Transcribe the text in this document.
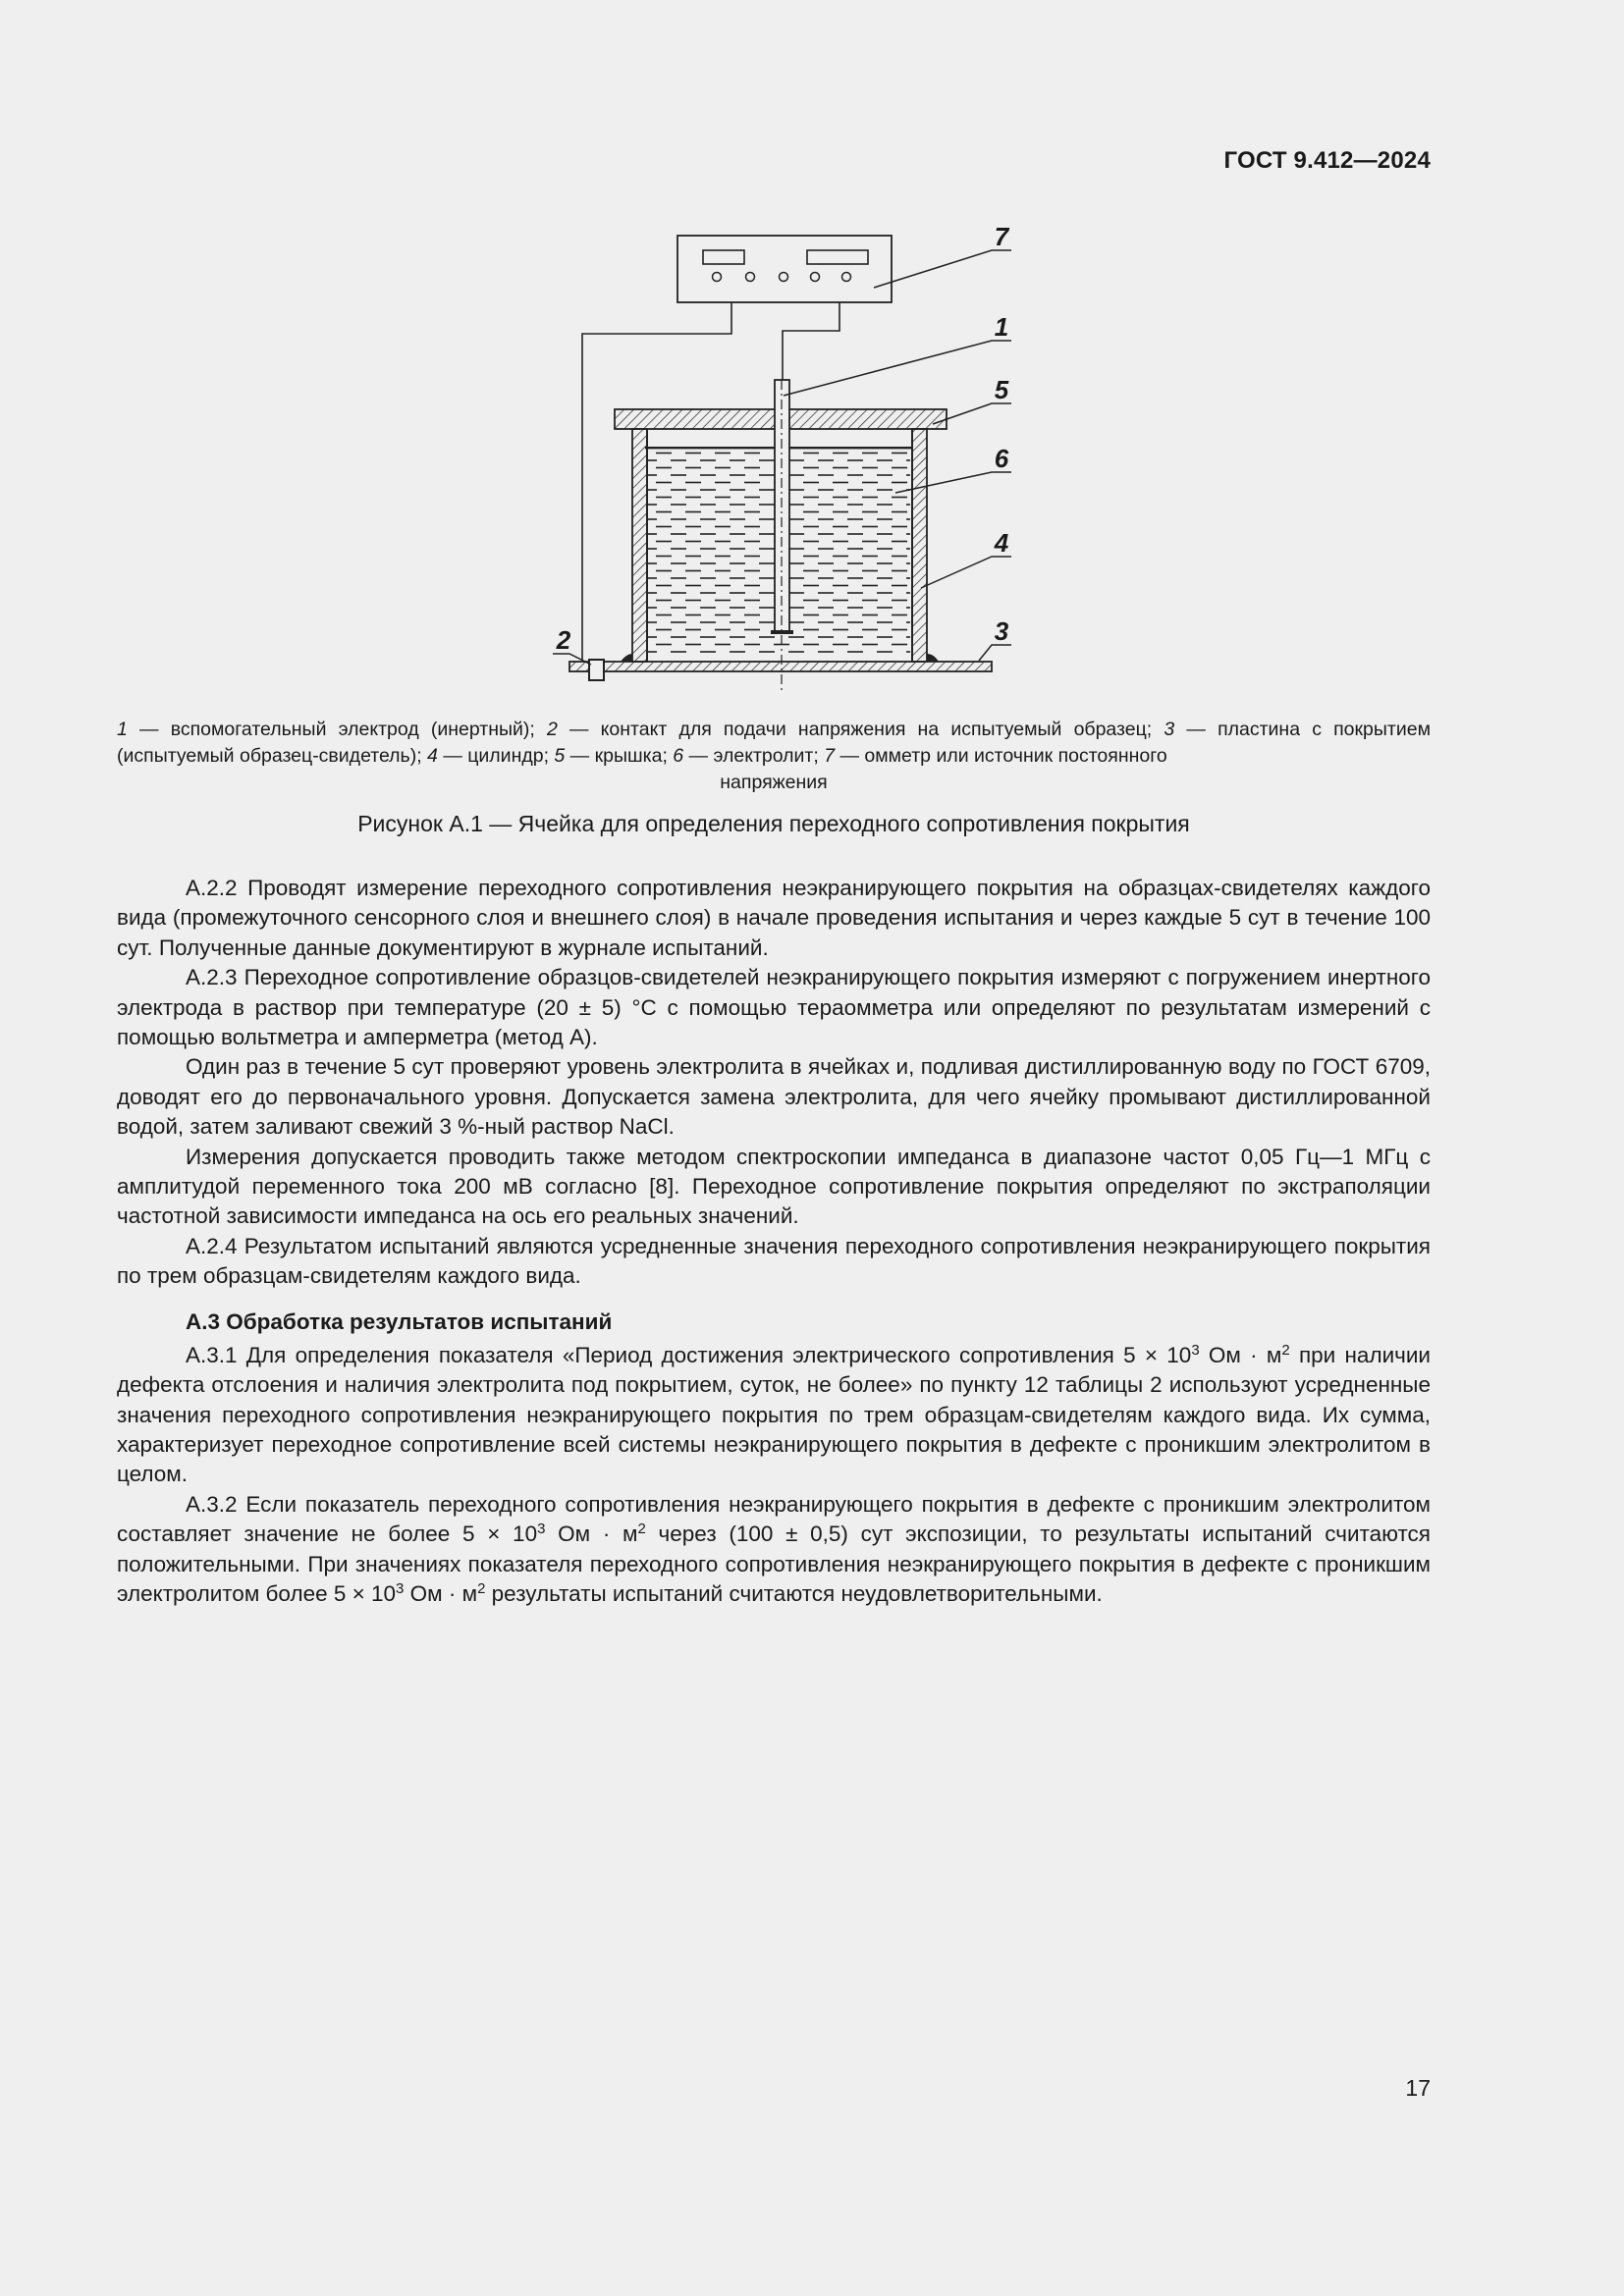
ГОСТ 9.412—2024
7
1
5
6
4
2	3
1 — вспомогательный электрод (инертный); 2 — контакт для подачи напряжения на испытуемый образец; 3 — пластина с покрытием (испытуемый образец-свидетель); 4 — цилиндр; 5 — крышка; 6 — электролит; 7 — омметр или источник постоянного
напряжения
Рисунок А.1 — Ячейка для определения переходного сопротивления покрытия

А.2.2 Проводят измерение переходного сопротивления неэкранирующего покрытия на образцах-свидетелях каждого вида (промежуточного сенсорного слоя и внешнего слоя) в начале проведения испытания и через каждые 5 сут в течение 100 сут. Полученные данные документируют в журнале испытаний.

А.2.3 Переходное сопротивление образцов-свидетелей неэкранирующего покрытия измеряют с погружением инертного электрода в раствор при температуре (20 ± 5) °С с помощью тераомметра или определяют по результатам измерений с помощью вольтметра и амперметра (метод А).

Один раз в течение 5 сут проверяют уровень электролита в ячейках и, подливая дистиллированную воду по ГОСТ 6709, доводят его до первоначального уровня. Допускается замена электролита, для чего ячейку промывают дистиллированной водой, затем заливают свежий 3 %-ный раствор NaCl.

Измерения допускается проводить также методом спектроскопии импеданса в диапазоне частот 0,05 Гц—1 МГц с амплитудой переменного тока 200 мВ согласно [8]. Переходное сопротивление покрытия определяют по экстраполяции частотной зависимости импеданса на ось его реальных значений.

А.2.4 Результатом испытаний являются усредненные значения переходного сопротивления неэкранирующего покрытия по трем образцам-свидетелям каждого вида.

А.3 Обработка результатов испытаний

А.3.1 Для определения показателя «Период достижения электрического сопротивления $5 \times 10^3$ Ом · $м^2$ при наличии дефекта отслоения и наличия электролита под покрытием, суток, не более» по пункту 12 таблицы 2 используют усредненные значения переходного сопротивления неэкранирующего покрытия по трем образцам-свидетелям каждого вида. Их сумма, характеризует переходное сопротивление всей системы неэкранирующего покрытия в дефекте с проникшим электролитом в целом.

А.3.2 Если показатель переходного сопротивления неэкранирующего покрытия в дефекте с проникшим электролитом составляет значение не более $5 \times 10^3$ Ом · $м^2$ через (100 ± 0,5) сут экспозиции, то результаты испытаний считаются положительными. При значениях показателя переходного сопротивления неэкранирующего покрытия в дефекте с проникшим электролитом более $5 \times 10^3$ Ом · $м^2$ результаты испытаний считаются неудовлетворительными.

17
